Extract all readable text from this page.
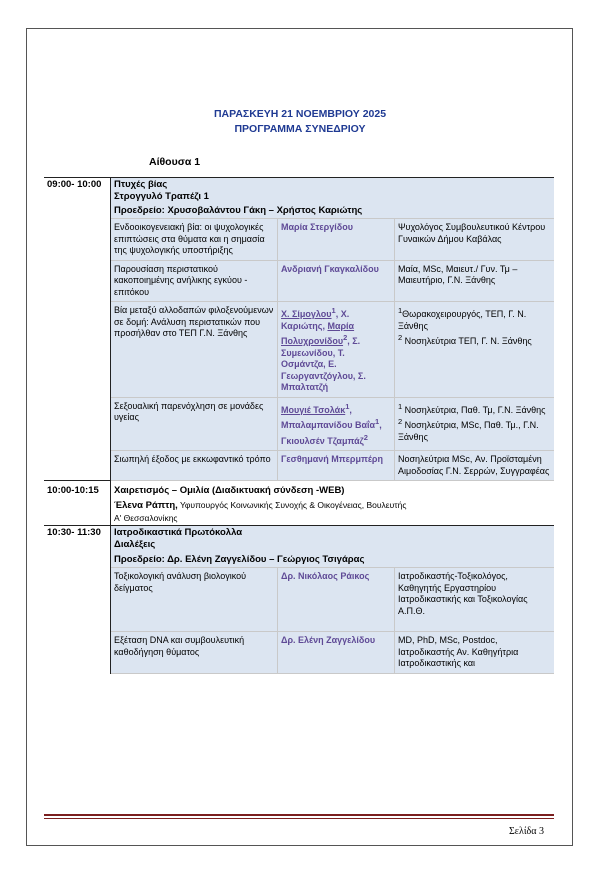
ΠΑΡΑΣΚΕΥΗ 21 ΝΟΕΜΒΡΙΟΥ 2025
ΠΡΟΓΡΑΜΜΑ ΣΥΝΕΔΡΙΟΥ
Αίθουσα 1
09:00- 10:00	Πτυχές βίας
Στρογγυλό Τραπέζι 1
Προεδρείο: Χρυσοβαλάντου Γάκη – Χρήστος Καριώτης		

	Ενδοοικογενειακή βία: οι ψυχολογικές επιπτώσεις στα θύματα και η σημασία της ψυχολογικής υποστήριξης	Μαρία Στεργίδου	Ψυχολόγος Συμβουλευτικού Κέντρου Γυναικών Δήμου Καβάλας
	Παρουσίαση περιστατικού κακοποιημένης ανήλικης εγκύου - επιτόκου	Ανδριανή Γκαγκαλίδου	Μαία, MSc, Μαιευτ./ Γυν. Τμ – Μαιευτήριο, Γ.Ν. Ξάνθης
	Βία μεταξύ αλλοδαπών φιλοξενούμενων σε δομή: Ανάλυση περιστατικών που προσήλθαν στο ΤΕΠ Γ.Ν. Ξάνθης	Χ. Σίμογλου$^1$, Χ. Καριώτης, Μαρία Πολυχρονίδου$^2$, Σ. Συμεωνίδου, Τ. Οσμάντζα, Ε. Γεωργαντζόγλου, Σ. Μπαλτατζή	$^1$Θωρακοχειρουργός, ΤΕΠ, Γ. Ν. Ξάνθης
$^2$ Νοσηλεύτρια ΤΕΠ, Γ. Ν. Ξάνθης

	Σεξουαλική παρενόχληση σε μονάδες υγείας	Μουγιέ Τσολάκ$^1$, Μπαλαμπανίδου Βαΐα$^1$, Γκιουλσέν Τζαμπάζ$^2$	$^1$ Νοσηλεύτρια, Παθ. Τμ, Γ.Ν. Ξάνθης
$^2$ Νοσηλεύτρια, MSc, Παθ. Τμ., Γ.Ν. Ξάνθης

	Σιωπηλή έξοδος με εκκωφαντικό τρόπο	Γεσθημανή Μπερμπέρη	Νοσηλεύτρια MSc, Αν. Προϊσταμένη Αιμοδοσίας Γ.Ν. Σερρών, Συγγραφέας
10:00-10:15	Χαιρετισμός – Ομιλία (Διαδικτυακή σύνδεση -WEB)
Έλενα Ράπτη, Υφυπουργός Κοινωνικής Συνοχής & Οικογένειας, Βουλευτής
Α' Θεσσαλονίκης		

10:30- 11:30	Ιατροδικαστικά Πρωτόκολλα
Διαλέξεις
Προεδρείο: Δρ. Ελένη Ζαγγελίδου – Γεώργιος Τσιγάρας		

	Τοξικολογική ανάλυση βιολογικού δείγματος	Δρ. Νικόλαος Ράικος	Ιατροδικαστής-Τοξικολόγος, Καθηγητής Εργαστηρίου Ιατροδικαστικής και Τοξικολογίας Α.Π.Θ.
	Εξέταση DNA και συμβουλευτική καθοδήγηση θύματος	Δρ. Ελένη Ζαγγελίδου	MD, PhD, MSc, Postdoc, Ιατροδικαστής Αν. Καθηγήτρια Ιατροδικαστικής και
Σελίδα 3
